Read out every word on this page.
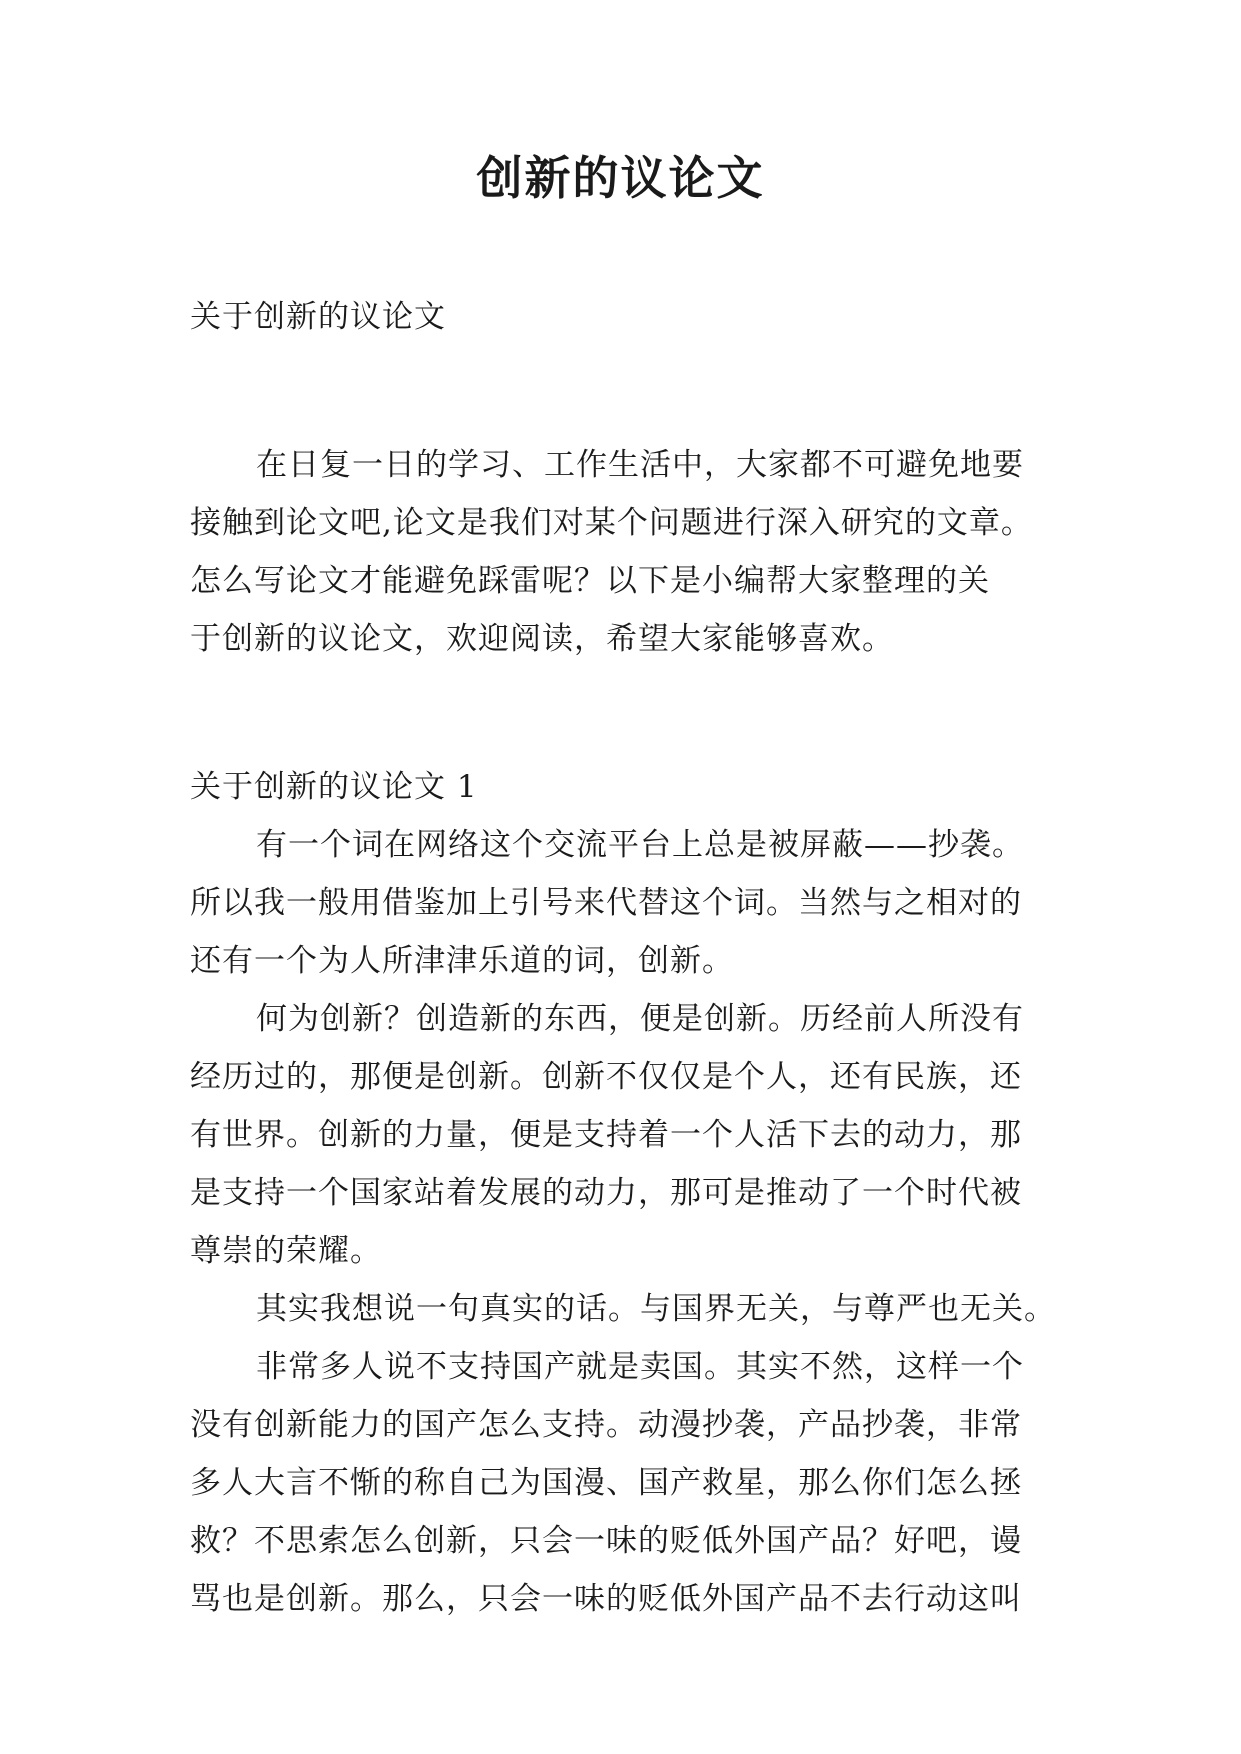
创新的议论文
关于创新的议论文
在日复一日的学习、工作生活中，大家都不可避免地要
接触到论文吧,论文是我们对某个问题进行深入研究的文章。
怎么写论文才能避免踩雷呢？以下是小编帮大家整理的关
于创新的议论文，欢迎阅读，希望大家能够喜欢。
关于创新的议论文 1
有一个词在网络这个交流平台上总是被屏蔽——抄袭。
所以我一般用借鉴加上引号来代替这个词。当然与之相对的
还有一个为人所津津乐道的词，创新。
何为创新？创造新的东西，便是创新。历经前人所没有
经历过的，那便是创新。创新不仅仅是个人，还有民族，还
有世界。创新的力量，便是支持着一个人活下去的动力，那
是支持一个国家站着发展的动力，那可是推动了一个时代被
尊崇的荣耀。
其实我想说一句真实的话。与国界无关，与尊严也无关。
非常多人说不支持国产就是卖国。其实不然，这样一个
没有创新能力的国产怎么支持。动漫抄袭，产品抄袭，非常
多人大言不惭的称自己为国漫、国产救星，那么你们怎么拯
救？不思索怎么创新，只会一味的贬低外国产品？好吧，谩
骂也是创新。那么，只会一味的贬低外国产品不去行动这叫
